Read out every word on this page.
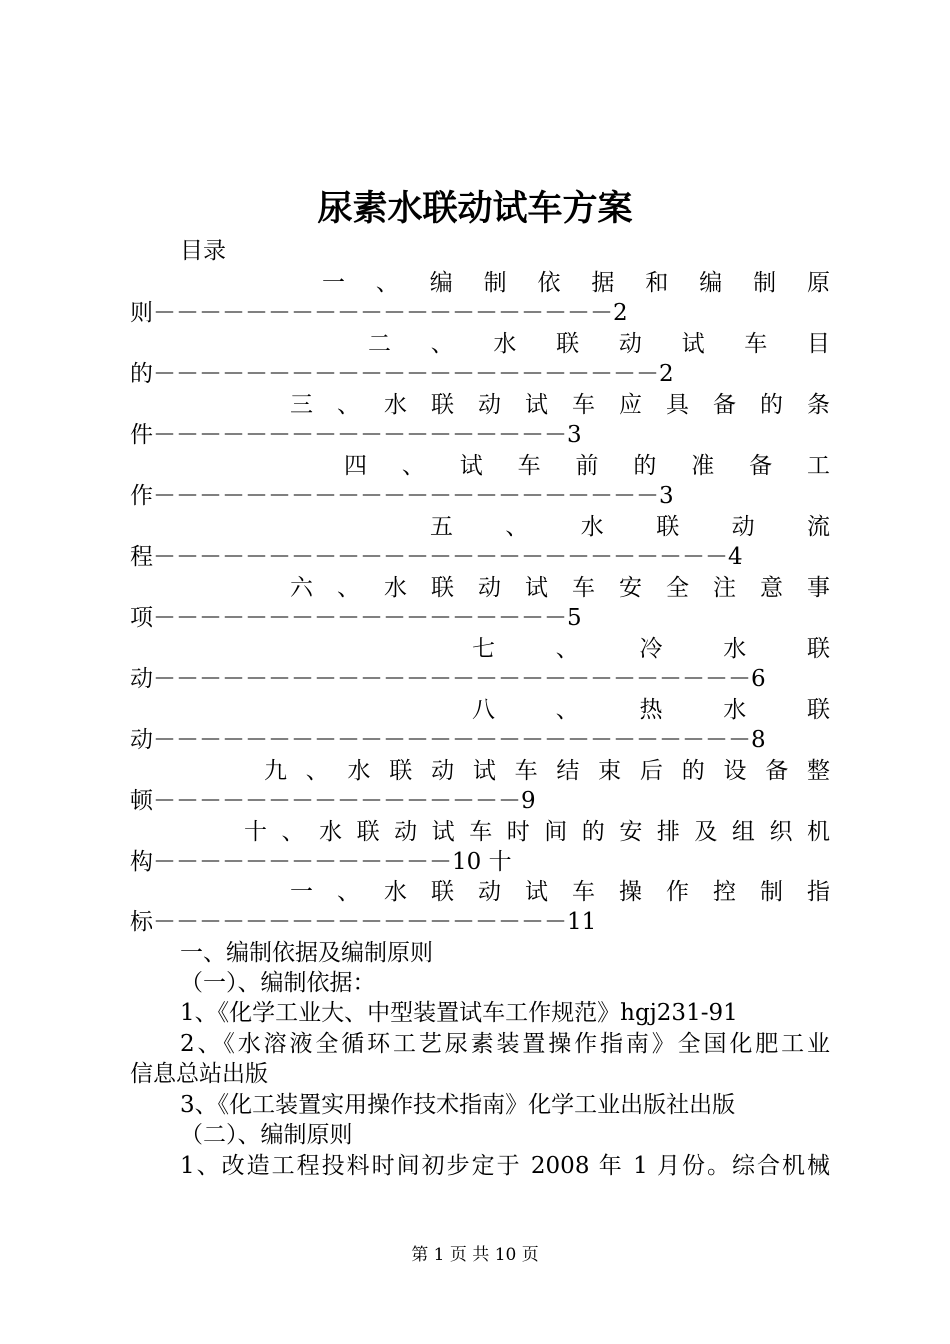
尿素水联动试车方案
目录
一 、 编 制 依 据 和 编 制 原
则－－－－－－－－－－－－－－－－－－－－2
二 、 水 联 动 试 车 目
的－－－－－－－－－－－－－－－－－－－－－－2
三 、 水 联 动 试 车 应 具 备 的 条
件－－－－－－－－－－－－－－－－－－3
四 、 试 车 前 的 准 备 工
作－－－－－－－－－－－－－－－－－－－－－－3
五 、 水 联 动 流
程－－－－－－－－－－－－－－－－－－－－－－－－－4
六 、 水 联 动 试 车 安 全 注 意 事
项－－－－－－－－－－－－－－－－－－5
七 、 冷 水 联
动－－－－－－－－－－－－－－－－－－－－－－－－－－6
八 、 热 水 联
动－－－－－－－－－－－－－－－－－－－－－－－－－－8
九 、 水 联 动 试 车 结 束 后 的 设 备 整
顿－－－－－－－－－－－－－－－－9
十 、 水 联 动 试 车 时 间 的 安 排 及 组 织 机
构－－－－－－－－－－－－－10 十
一 、 水 联 动 试 车 操 作 控 制 指
标－－－－－－－－－－－－－－－－－－11
一、编制依据及编制原则
（一）、编制依据：
1、《化学工业大、中型装置试车工作规范》hgj231-91
2、《水溶液全循环工艺尿素装置操作指南》全国化肥工业
信息总站出版
3、《化工装置实用操作技术指南》化学工业出版社出版
（二）、编制原则
1、改造工程投料时间初步定于 2008 年 1 月份。综合机械
第 1 页 共 10 页
